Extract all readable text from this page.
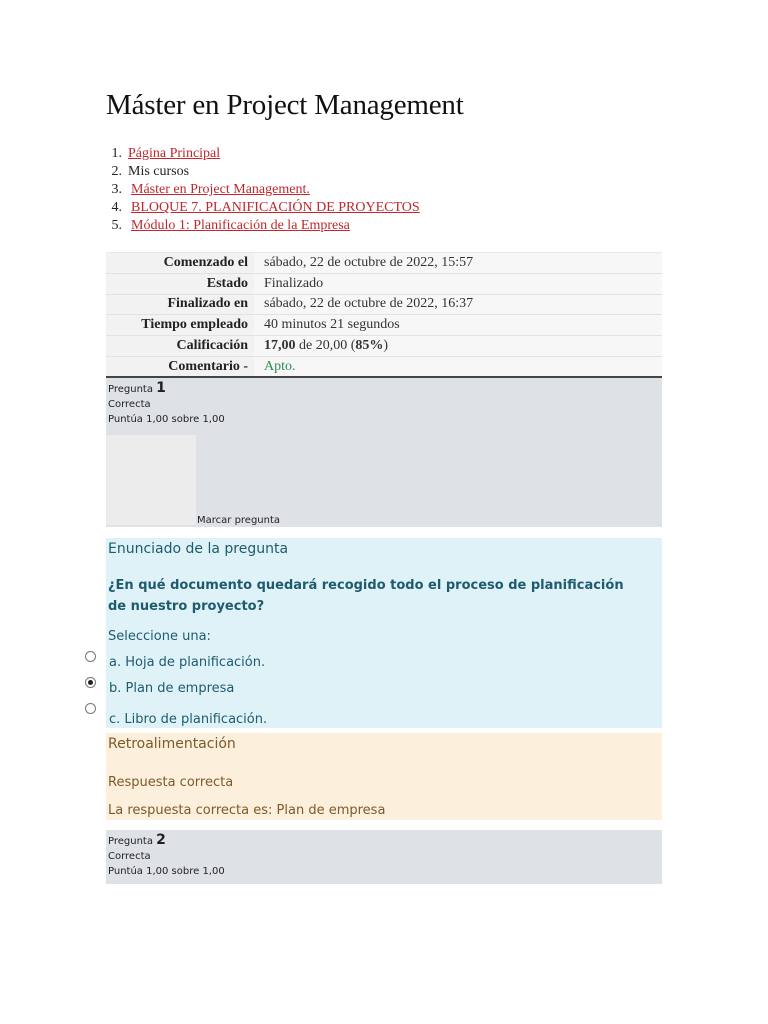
Máster en Project Management
1. Página Principal
2. Mis cursos
3. Máster en Project Management.
4. BLOQUE 7. PLANIFICACIÓN DE PROYECTOS
5. Módulo 1: Planificación de la Empresa
Comenzado el	sábado, 22 de octubre de 2022, 15:57
Estado	Finalizado
Finalizado en	sábado, 22 de octubre de 2022, 16:37
Tiempo empleado	40 minutos 21 segundos
Calificación	17,00 de 20,00 (85%)
Comentario -	Apto.
Pregunta 1
Correcta
Puntúa 1,00 sobre 1,00
Marcar pregunta
Enunciado de la pregunta
¿En qué documento quedará recogido todo el proceso de planificación de nuestro proyecto?
Seleccione una:
a. Hoja de planificación.
b. Plan de empresa
c. Libro de planificación.
Retroalimentación
Respuesta correcta
La respuesta correcta es: Plan de empresa
Pregunta 2
Correcta
Puntúa 1,00 sobre 1,00
